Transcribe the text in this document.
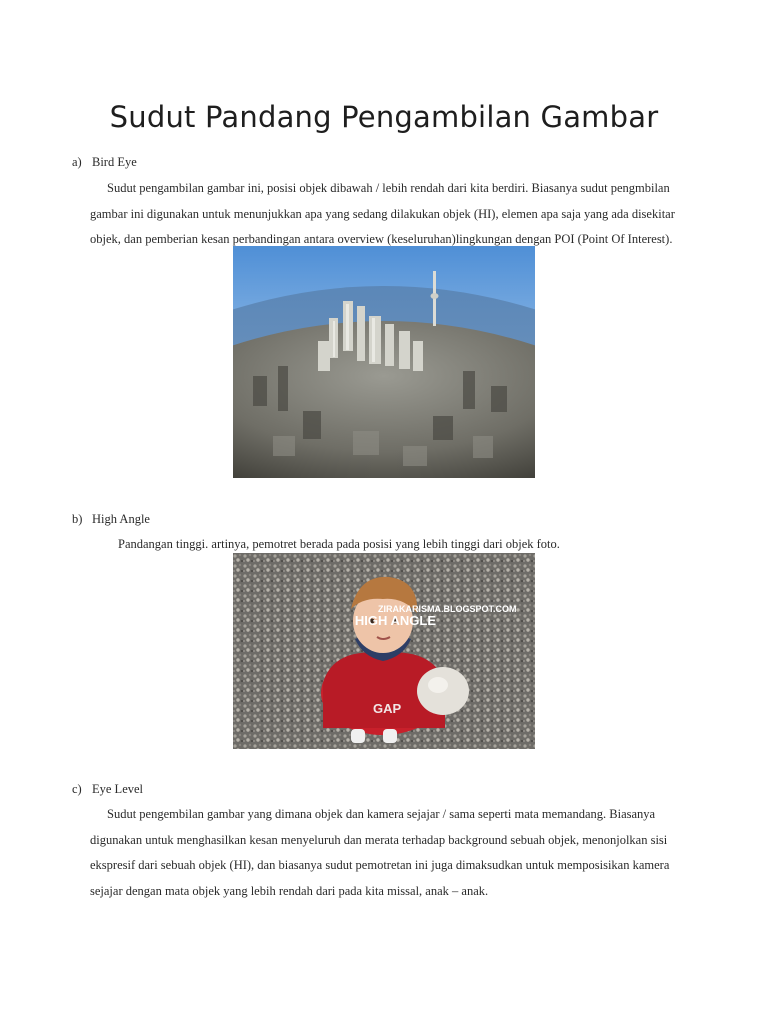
Sudut Pandang Pengambilan Gambar
a) Bird Eye
Sudut pengambilan gambar ini, posisi objek dibawah / lebih rendah dari kita berdiri. Biasanya sudut pengmbilan
gambar ini digunakan untuk menunjukkan apa yang sedang dilakukan objek (HI), elemen apa saja yang ada disekitar
objek, dan pemberian kesan perbandingan antara overview (keseluruhan)lingkungan dengan POI (Point Of Interest).
b) High Angle
Pandangan tinggi. artinya, pemotret berada pada posisi yang lebih tinggi dari objek foto.
GAP
ZIRAKARISMA.BLOGSPOT.COM
HIGH ANGLE
c) Eye Level
Sudut pengembilan gambar yang dimana objek dan kamera sejajar / sama seperti mata memandang. Biasanya
digunakan untuk menghasilkan kesan menyeluruh dan merata terhadap background sebuah objek, menonjolkan sisi
ekspresif dari sebuah objek (HI), dan biasanya sudut pemotretan ini juga dimaksudkan untuk memposisikan kamera
sejajar dengan mata objek yang lebih rendah dari pada kita missal, anak – anak.
